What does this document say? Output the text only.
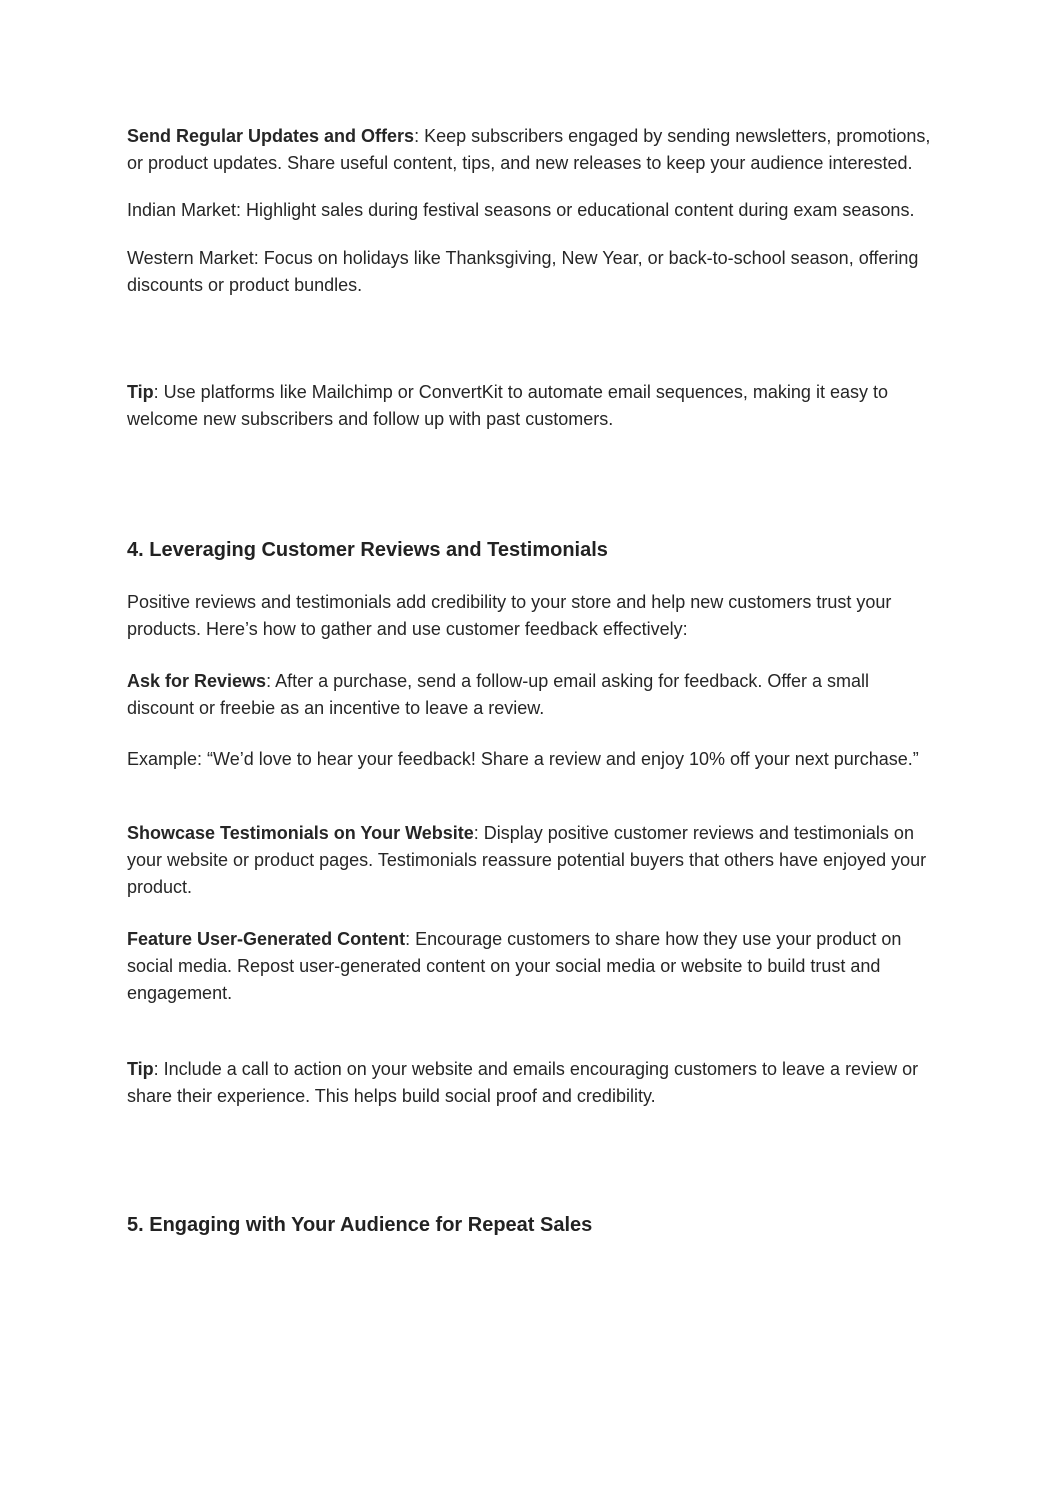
Send Regular Updates and Offers: Keep subscribers engaged by sending newsletters, promotions, or product updates. Share useful content, tips, and new releases to keep your audience interested.

Indian Market: Highlight sales during festival seasons or educational content during exam seasons.

Western Market: Focus on holidays like Thanksgiving, New Year, or back-to-school season, offering discounts or product bundles.

Tip: Use platforms like Mailchimp or ConvertKit to automate email sequences, making it easy to welcome new subscribers and follow up with past customers.

4. Leveraging Customer Reviews and Testimonials

Positive reviews and testimonials add credibility to your store and help new customers trust your products. Here’s how to gather and use customer feedback effectively:

Ask for Reviews: After a purchase, send a follow-up email asking for feedback. Offer a small discount or freebie as an incentive to leave a review.

Example: “We’d love to hear your feedback! Share a review and enjoy 10% off your next purchase.”

Showcase Testimonials on Your Website: Display positive customer reviews and testimonials on your website or product pages. Testimonials reassure potential buyers that others have enjoyed your product.

Feature User-Generated Content: Encourage customers to share how they use your product on social media. Repost user-generated content on your social media or website to build trust and engagement.

Tip: Include a call to action on your website and emails encouraging customers to leave a review or share their experience. This helps build social proof and credibility.

5. Engaging with Your Audience for Repeat Sales
